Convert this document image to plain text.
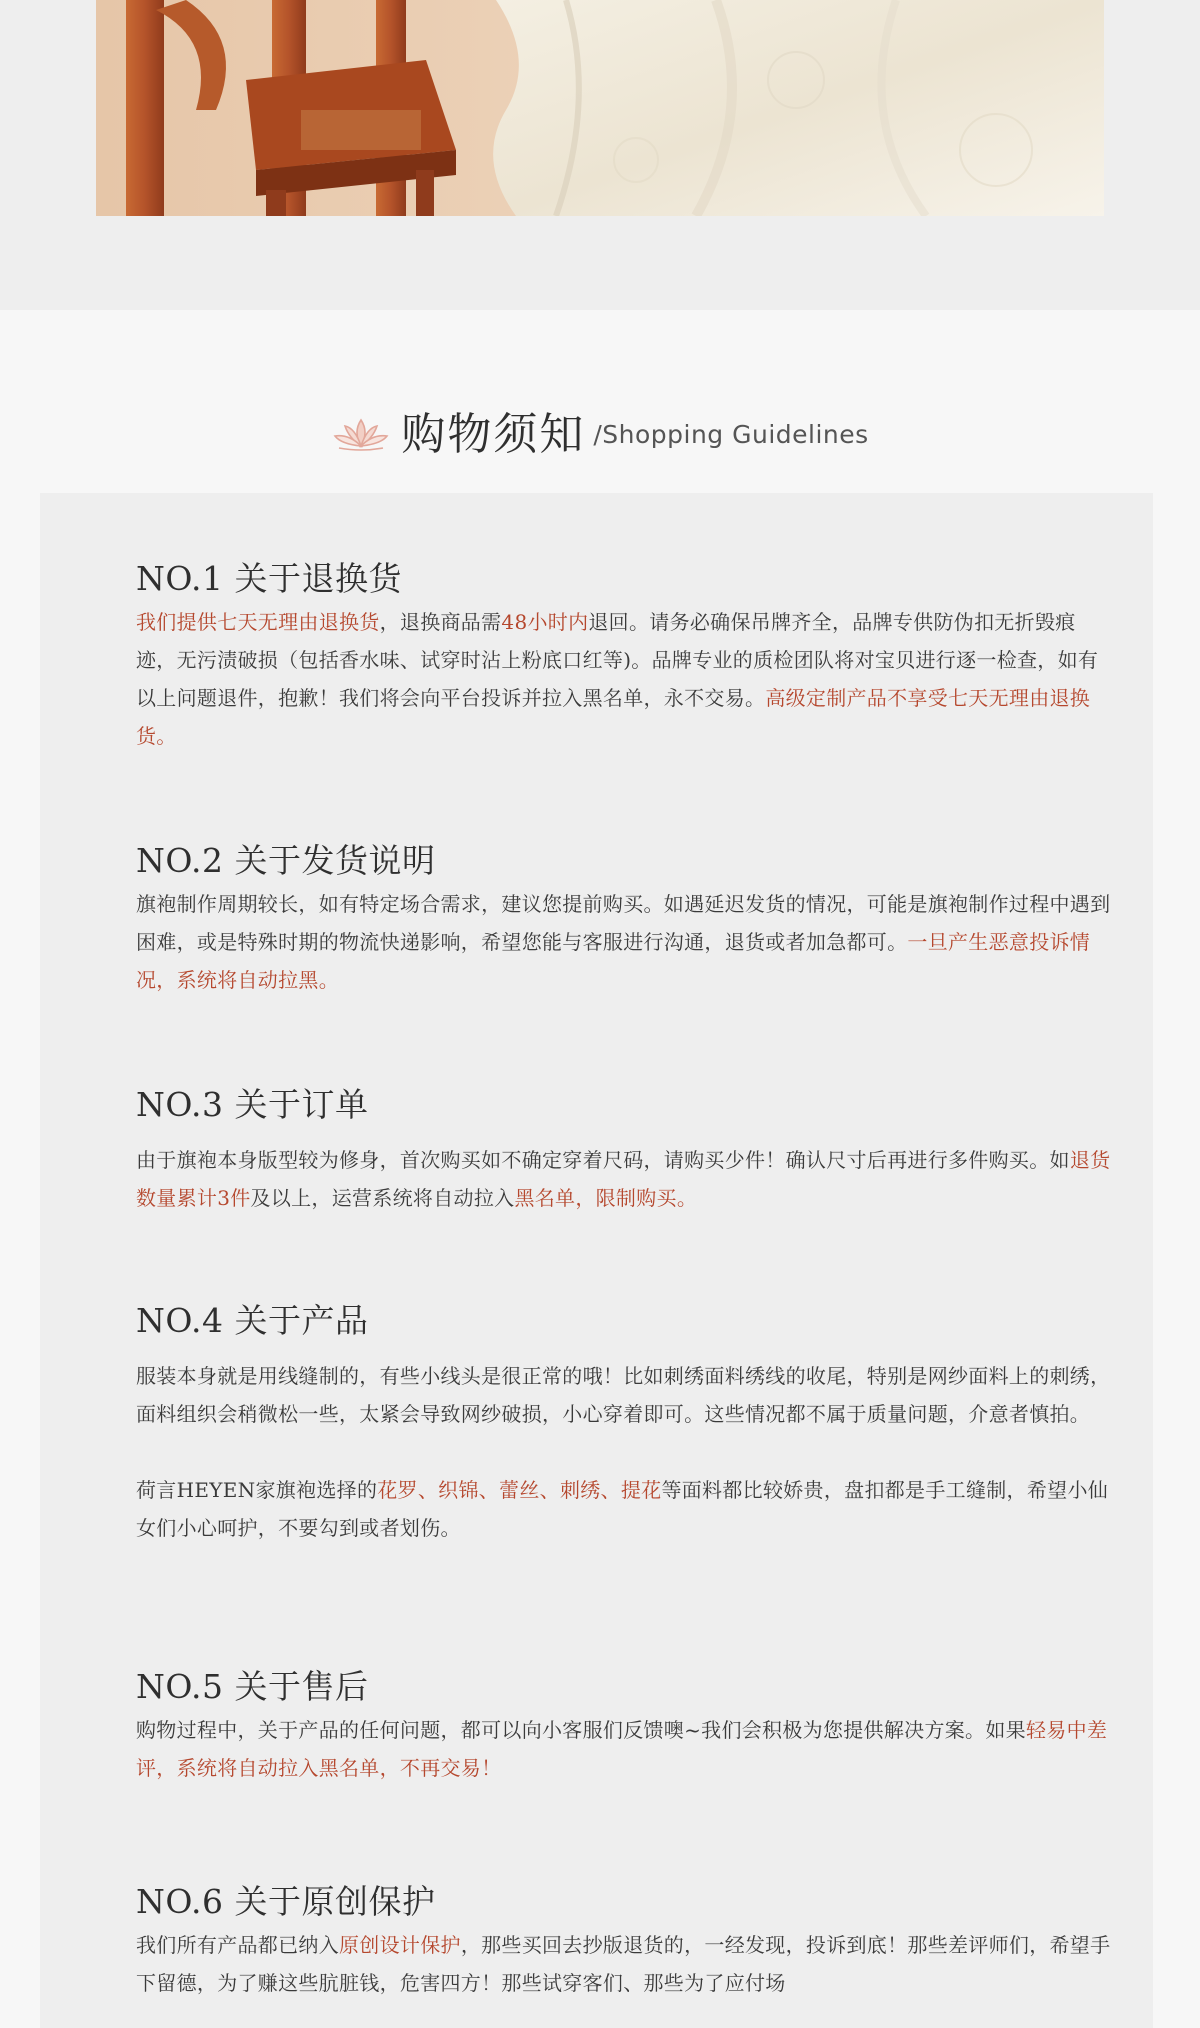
购物须知 /Shopping Guidelines
NO.1 关于退换货

我们提供七天无理由退换货，退换商品需48小时内退回。请务必确保吊牌齐全，品牌专供防伪扣无折毁痕迹，无污渍破损（包括香水味、试穿时沾上粉底口红等)。品牌专业的质检团队将对宝贝进行逐一检查，如有以上问题退件，抱歉！我们将会向平台投诉并拉入黑名单，永不交易。高级定制产品不享受七天无理由退换货。

NO.2 关于发货说明

旗袍制作周期较长，如有特定场合需求，建议您提前购买。如遇延迟发货的情况，可能是旗袍制作过程中遇到困难，或是特殊时期的物流快递影响，希望您能与客服进行沟通，退货或者加急都可。一旦产生恶意投诉情况，系统将自动拉黑。

NO.3 关于订单

由于旗袍本身版型较为修身，首次购买如不确定穿着尺码，请购买少件！确认尺寸后再进行多件购买。如退货数量累计3件及以上，运营系统将自动拉入黑名单，限制购买。

NO.4 关于产品

服装本身就是用线缝制的，有些小线头是很正常的哦！比如刺绣面料绣线的收尾，特别是网纱面料上的刺绣，面料组织会稍微松一些，太紧会导致网纱破损，小心穿着即可。这些情况都不属于质量问题，介意者慎拍。

荷言HEYEN家旗袍选择的花罗、织锦、蕾丝、刺绣、提花等面料都比较娇贵，盘扣都是手工缝制，希望小仙女们小心呵护，不要勾到或者划伤。

NO.5 关于售后

购物过程中，关于产品的任何问题，都可以向小客服们反馈噢~我们会积极为您提供解决方案。如果轻易中差评，系统将自动拉入黑名单，不再交易！

NO.6 关于原创保护

我们所有产品都已纳入原创设计保护，那些买回去抄版退货的，一经发现，投诉到底！那些差评师们，希望手下留德，为了赚这些肮脏钱，危害四方！那些试穿客们、那些为了应付场
